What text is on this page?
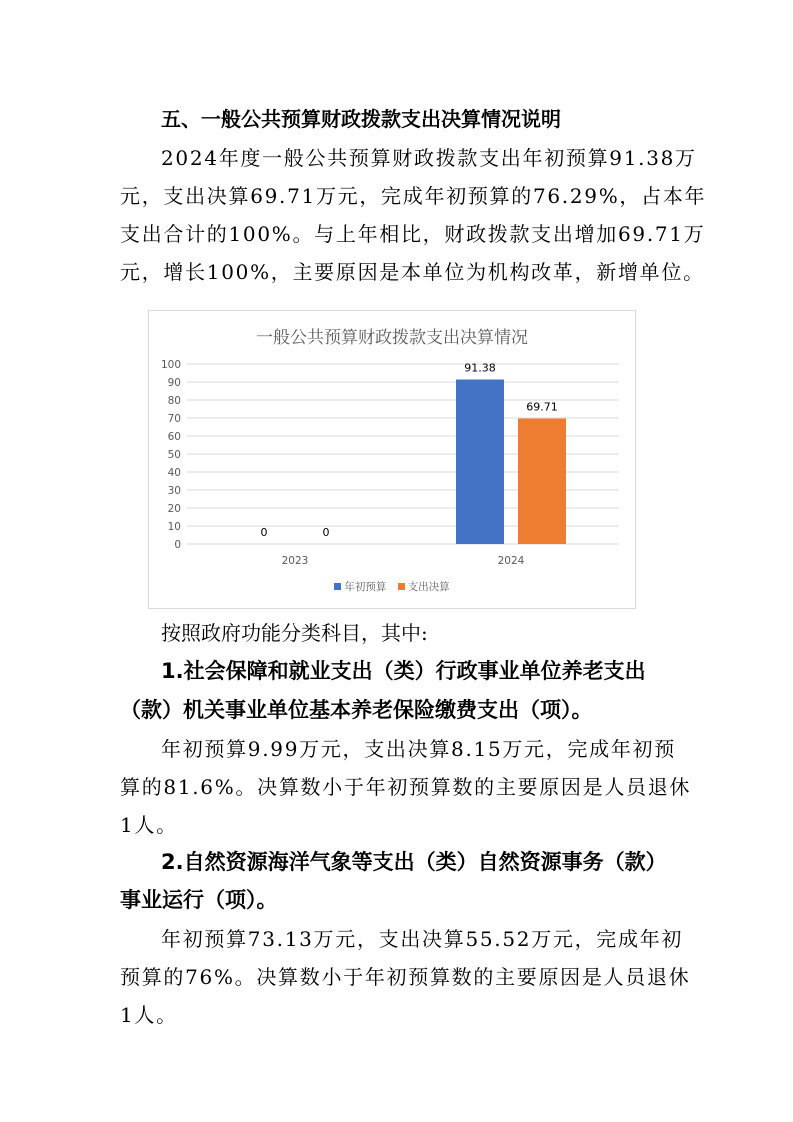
五、一般公共预算财政拨款支出决算情况说明
2024年度一般公共预算财政拨款支出年初预算91.38万
元，支出决算69.71万元，完成年初预算的76.29%，占本年
支出合计的100%。与上年相比，财政拨款支出增加69.71万
元，增长100%，主要原因是本单位为机构改革，新增单位。
一般公共预算财政拨款支出决算情况
0
10
20
30
40
50
60
70
80
90
100
0	0
2023
91.38
69.71
2024
年初预算 支出决算
按照政府功能分类科目，其中:
1.社会保障和就业支出（类）行政事业单位养老支出
（款）机关事业单位基本养老保险缴费支出（项）。
年初预算9.99万元，支出决算8.15万元，完成年初预
算的81.6%。决算数小于年初预算数的主要原因是人员退休
1人。
2.自然资源海洋气象等支出（类）自然资源事务（款）
事业运行（项）。
年初预算73.13万元，支出决算55.52万元，完成年初
预算的76%。决算数小于年初预算数的主要原因是人员退休
1人。
